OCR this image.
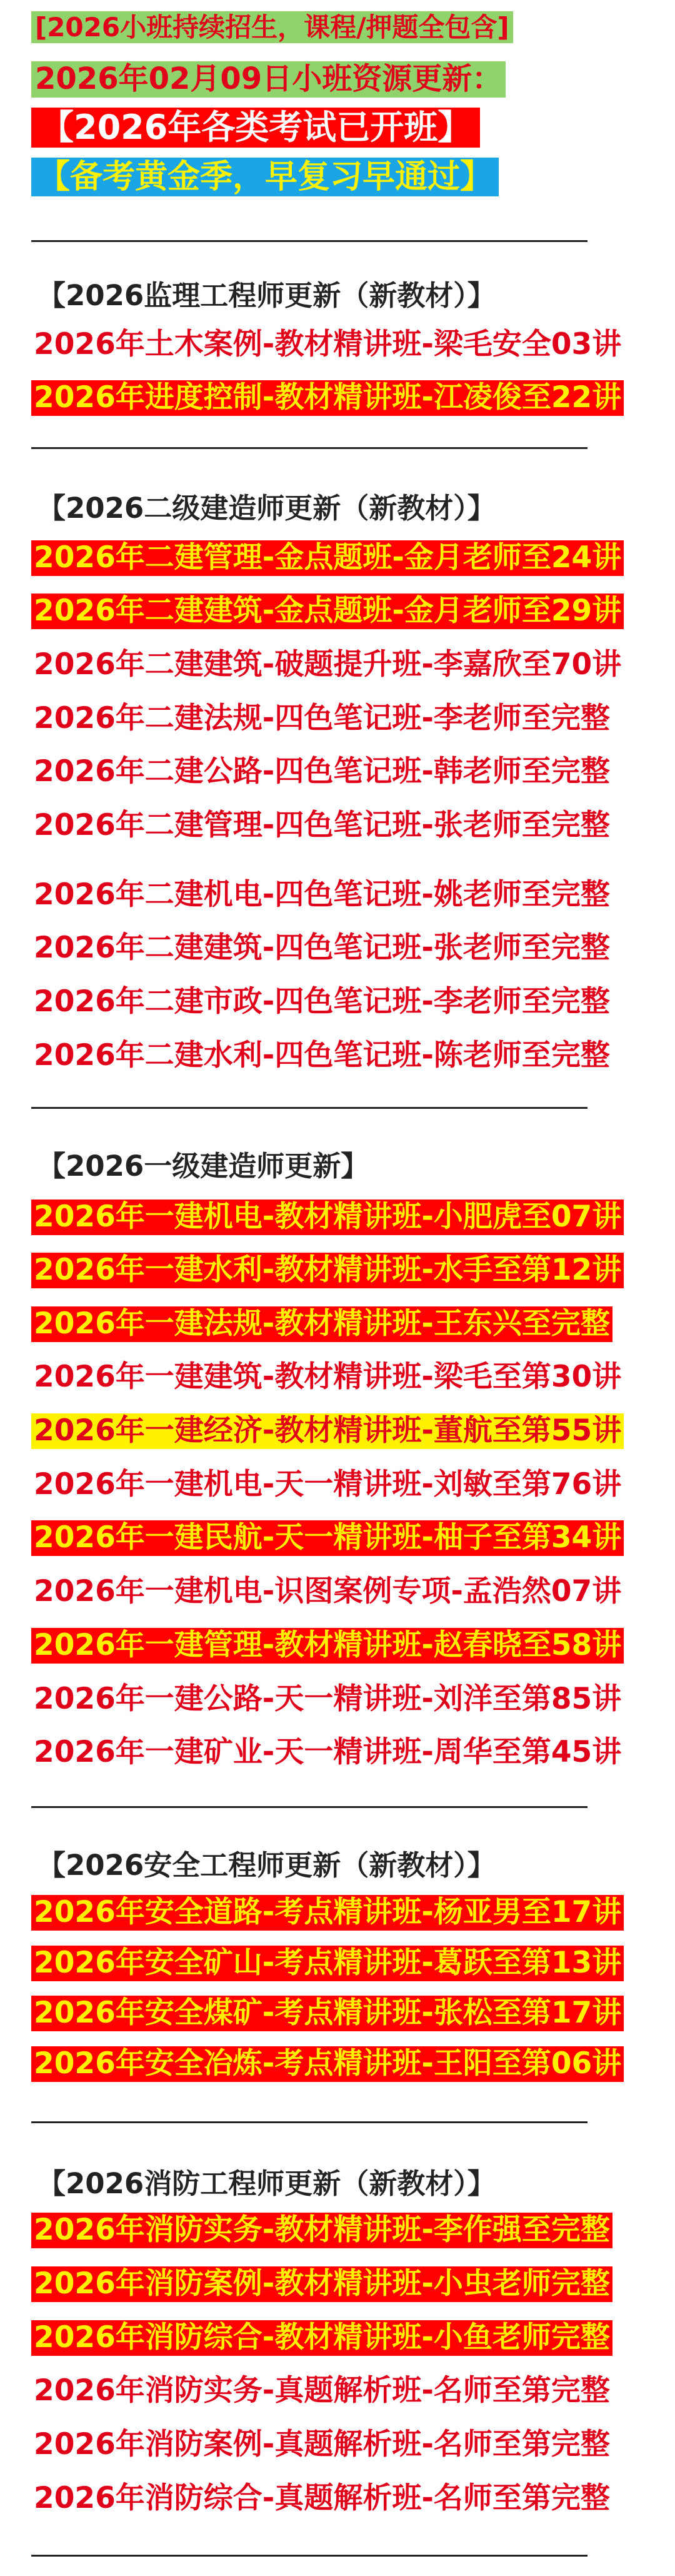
[2026小班持续招生，课程/押题全包含]
2026年02月09日小班资源更新：
【2026年各类考试已开班】
【备考黄金季，早复习早通过】
【2026监理工程师更新（新教材）】
2026年土木案例-教材精讲班-梁毛安全03讲
2026年进度控制-教材精讲班-江凌俊至22讲
【2026二级建造师更新（新教材）】
2026年二建管理-金点题班-金月老师至24讲
2026年二建建筑-金点题班-金月老师至29讲
2026年二建建筑-破题提升班-李嘉欣至70讲
2026年二建法规-四色笔记班-李老师至完整
2026年二建公路-四色笔记班-韩老师至完整
2026年二建管理-四色笔记班-张老师至完整
2026年二建机电-四色笔记班-姚老师至完整
2026年二建建筑-四色笔记班-张老师至完整
2026年二建市政-四色笔记班-李老师至完整
2026年二建水利-四色笔记班-陈老师至完整
【2026一级建造师更新】
2026年一建机电-教材精讲班-小肥虎至07讲
2026年一建水利-教材精讲班-水手至第12讲
2026年一建法规-教材精讲班-王东兴至完整
2026年一建建筑-教材精讲班-梁毛至第30讲
2026年一建经济-教材精讲班-董航至第55讲
2026年一建机电-天一精讲班-刘敏至第76讲
2026年一建民航-天一精讲班-柚子至第34讲
2026年一建机电-识图案例专项-孟浩然07讲
2026年一建管理-教材精讲班-赵春晓至58讲
2026年一建公路-天一精讲班-刘洋至第85讲
2026年一建矿业-天一精讲班-周华至第45讲
【2026安全工程师更新（新教材）】
2026年安全道路-考点精讲班-杨亚男至17讲
2026年安全矿山-考点精讲班-葛跃至第13讲
2026年安全煤矿-考点精讲班-张松至第17讲
2026年安全冶炼-考点精讲班-王阳至第06讲
【2026消防工程师更新（新教材）】
2026年消防实务-教材精讲班-李作强至完整
2026年消防案例-教材精讲班-小虫老师完整
2026年消防综合-教材精讲班-小鱼老师完整
2026年消防实务-真题解析班-名师至第完整
2026年消防案例-真题解析班-名师至第完整
2026年消防综合-真题解析班-名师至第完整
